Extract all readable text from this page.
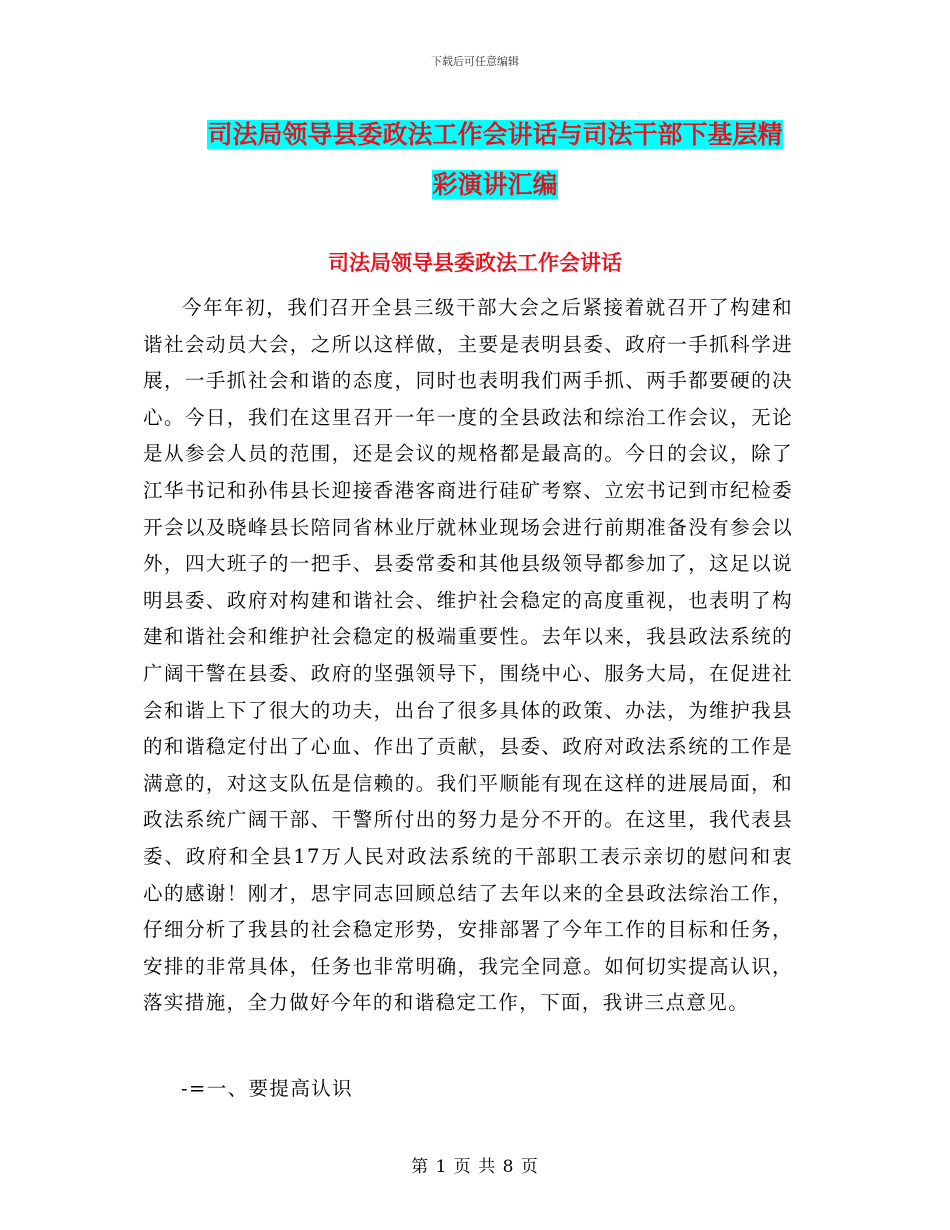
下载后可任意编辑
司法局领导县委政法工作会讲话与司法干部下基层精
彩演讲汇编
司法局领导县委政法工作会讲话

今年年初，我们召开全县三级干部大会之后紧接着就召开了构建和谐社会动员大会，之所以这样做，主要是表明县委、政府一手抓科学进展，一手抓社会和谐的态度，同时也表明我们两手抓、两手都要硬的决心。今日，我们在这里召开一年一度的全县政法和综治工作会议，无论是从参会人员的范围，还是会议的规格都是最高的。今日的会议，除了江华书记和孙伟县长迎接香港客商进行硅矿考察、立宏书记到市纪检委开会以及晓峰县长陪同省林业厅就林业现场会进行前期准备没有参会以外，四大班子的一把手、县委常委和其他县级领导都参加了，这足以说明县委、政府对构建和谐社会、维护社会稳定的高度重视，也表明了构建和谐社会和维护社会稳定的极端重要性。去年以来，我县政法系统的广阔干警在县委、政府的坚强领导下，围绕中心、服务大局，在促进社会和谐上下了很大的功夫，出台了很多具体的政策、办法，为维护我县的和谐稳定付出了心血、作出了贡献，县委、政府对政法系统的工作是满意的，对这支队伍是信赖的。我们平顺能有现在这样的进展局面，和政法系统广阔干部、干警所付出的努力是分不开的。在这里，我代表县委、政府和全县17万人民对政法系统的干部职工表示亲切的慰问和衷心的感谢！刚才，思宇同志回顾总结了去年以来的全县政法综治工作，仔细分析了我县的社会稳定形势，安排部署了今年工作的目标和任务，安排的非常具体，任务也非常明确，我完全同意。如何切实提高认识，落实措施，全力做好今年的和谐稳定工作，下面，我讲三点意见。

-=一、要提高认识
第 1 页 共 8 页
